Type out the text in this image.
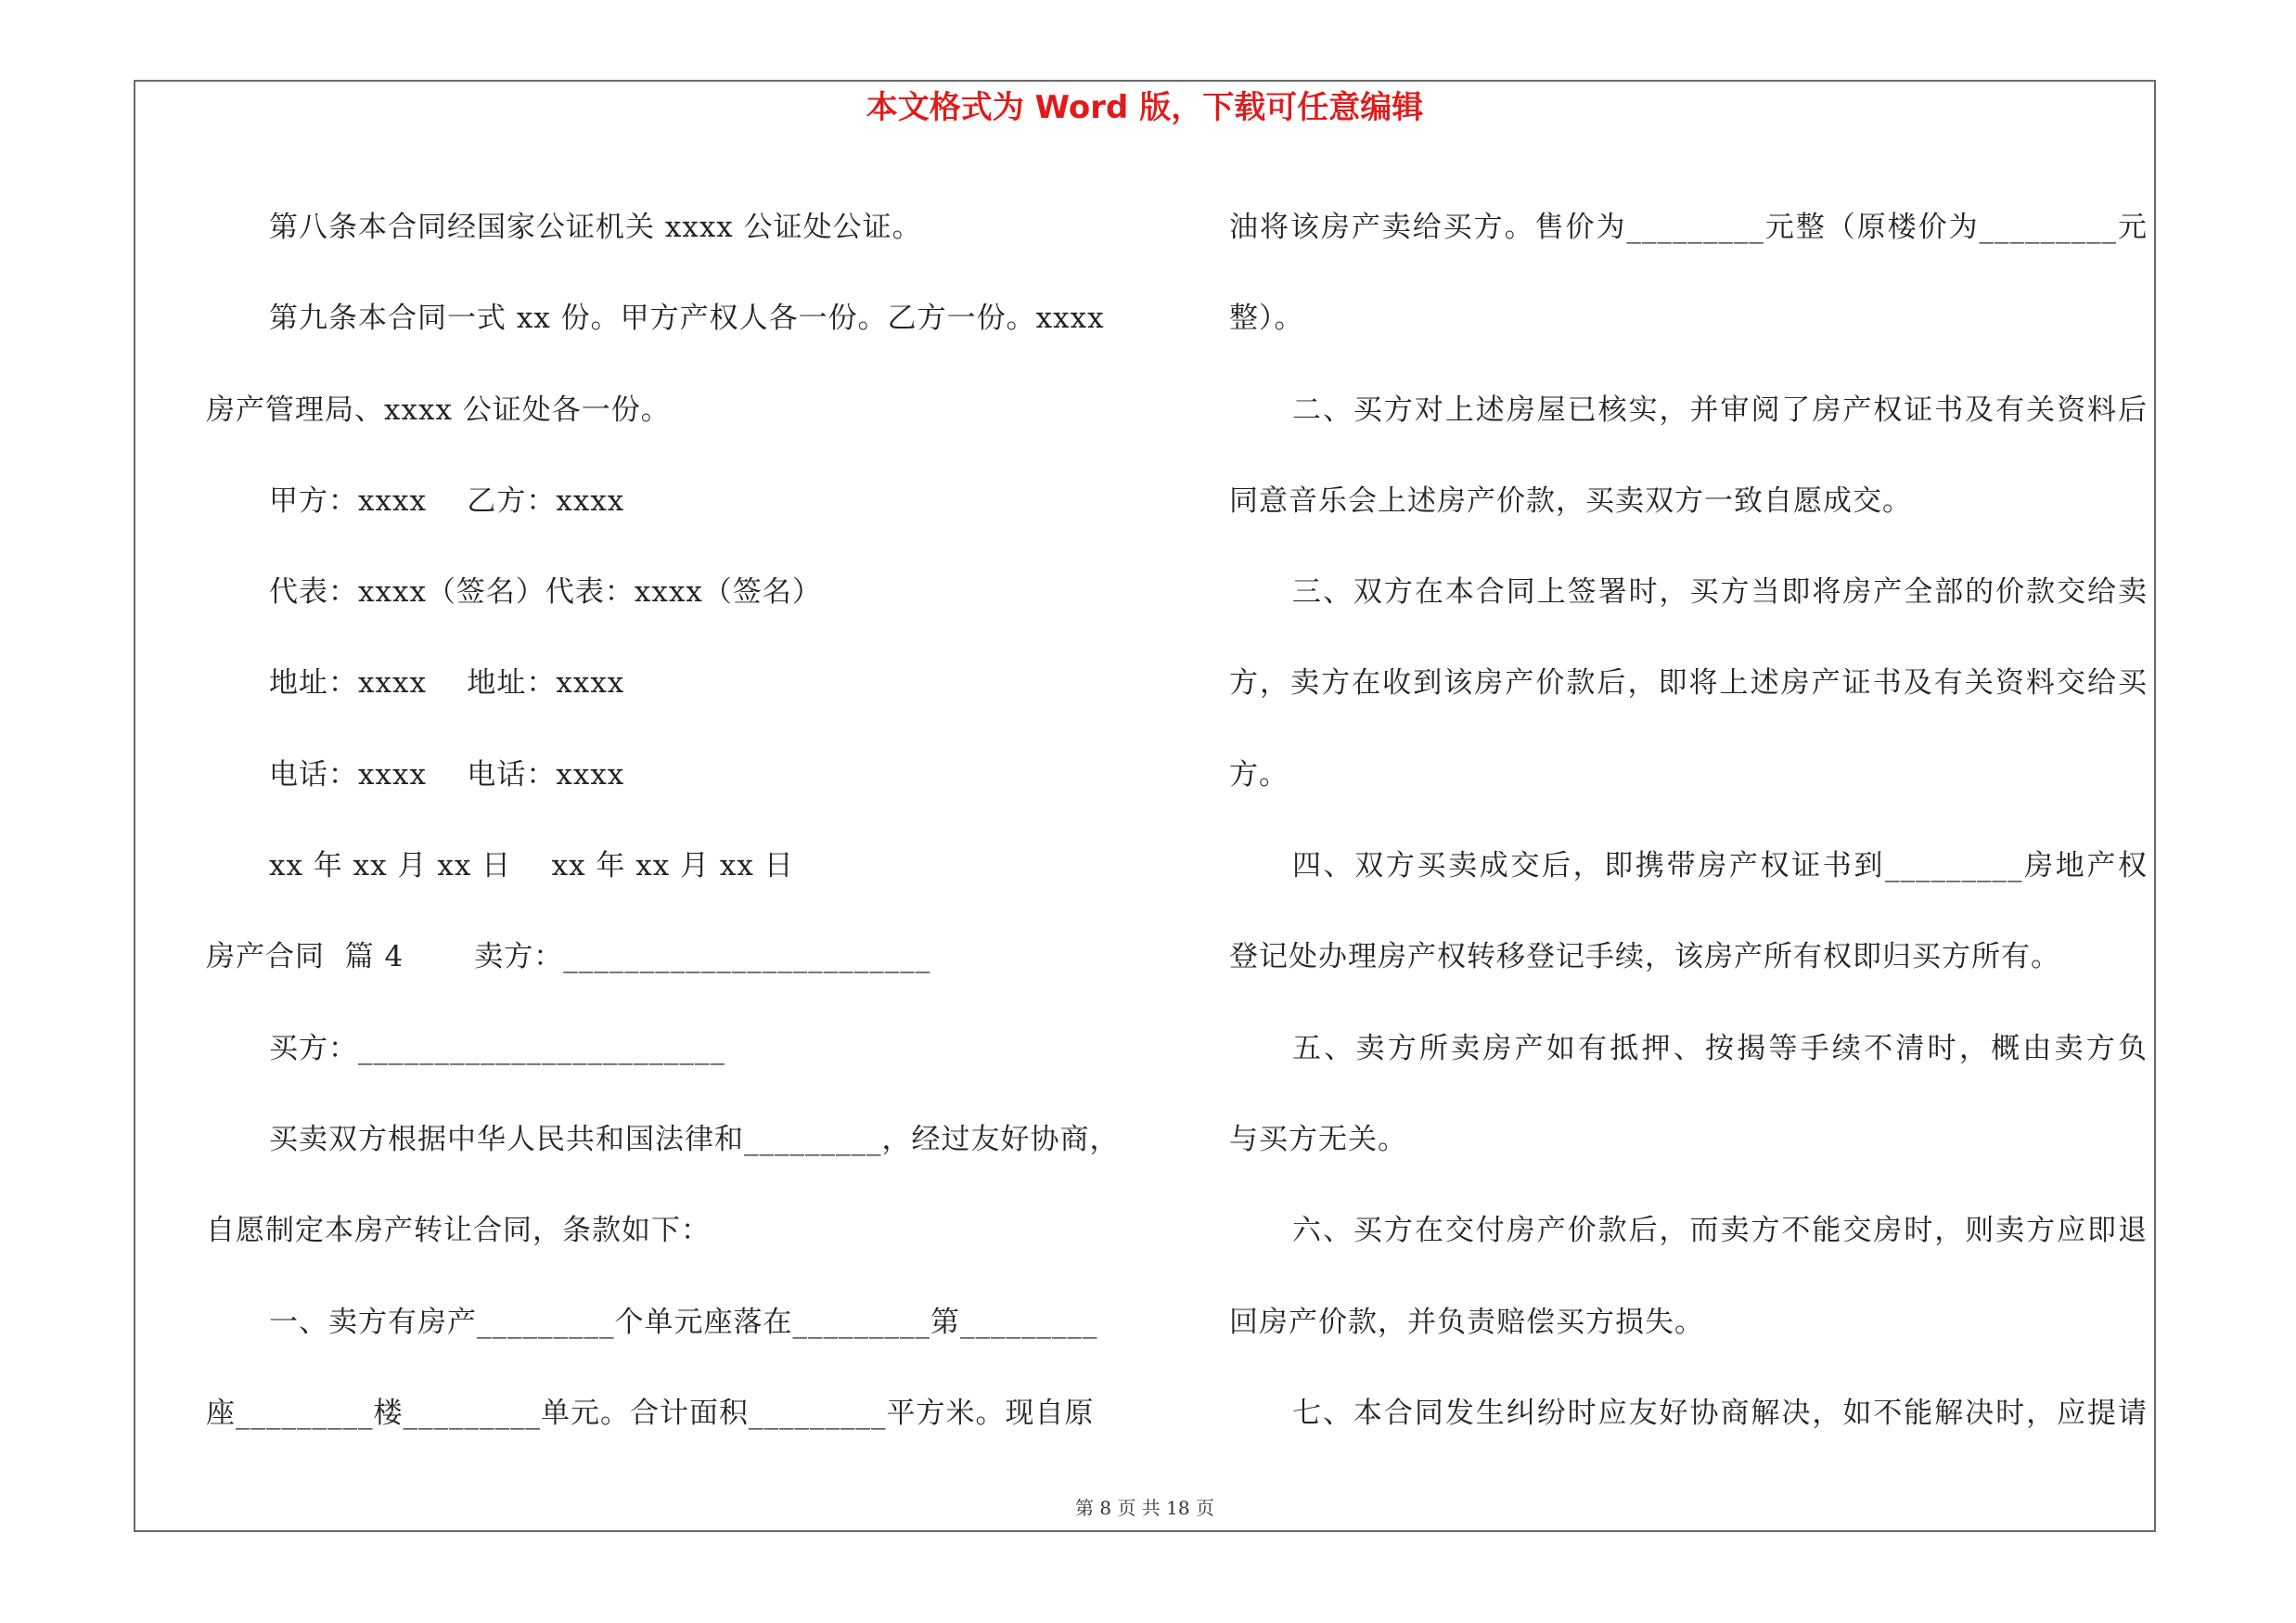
本文格式为 Word 版，下载可任意编辑
第八条本合同经国家公证机关 xxxx 公证处公证。
第九条本合同一式 xx 份。甲方产权人各一份。乙方一份。xxxx
房产管理局、xxxx 公证处各一份。
甲方：xxxx    乙方：xxxx
代表：xxxx（签名）代表：xxxx（签名）
地址：xxxx    地址：xxxx
电话：xxxx    电话：xxxx
xx 年 xx 月 xx 日    xx 年 xx 月 xx 日
房产合同  篇 4       卖方：________________________
买方：________________________
买卖双方根据中华人民共和国法律和_________，经过友好协商，
自愿制定本房产转让合同，条款如下：
一、卖方有房产_________个单元座落在_________第_________
座_________楼_________单元。合计面积_________平方米。现自原
油将该房产卖给买方。售价为_________元整（原楼价为_________元
整）。
二、买方对上述房屋已核实，并审阅了房产权证书及有关资料后
同意音乐会上述房产价款，买卖双方一致自愿成交。
三、双方在本合同上签署时，买方当即将房产全部的价款交给卖
方，卖方在收到该房产价款后，即将上述房产证书及有关资料交给买
方。
四、双方买卖成交后，即携带房产权证书到_________房地产权
登记处办理房产权转移登记手续，该房产所有权即归买方所有。
五、卖方所卖房产如有抵押、按揭等手续不清时，概由卖方负
与买方无关。
六、买方在交付房产价款后，而卖方不能交房时，则卖方应即退
回房产价款，并负责赔偿买方损失。
七、本合同发生纠纷时应友好协商解决，如不能解决时，应提请
第 8 页 共 18 页
